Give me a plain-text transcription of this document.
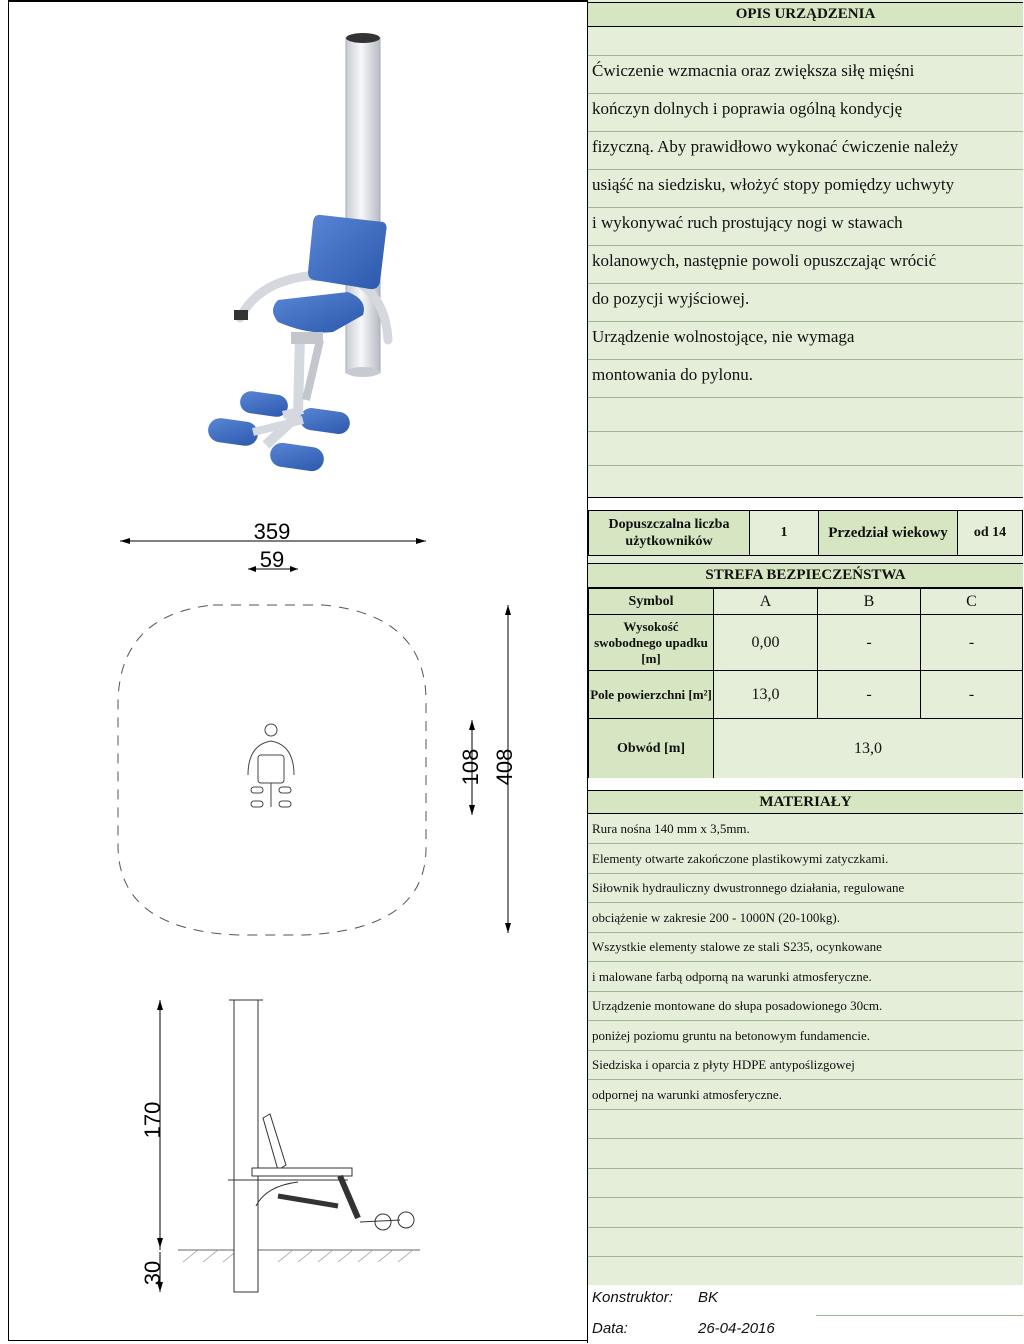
359
59
108 408
170
30
OPIS URZĄDZENIA
Ćwiczenie wzmacnia oraz zwiększa siłę mięśni
kończyn dolnych i poprawia ogólną kondycję
fizyczną. Aby prawidłowo wykonać ćwiczenie należy
usiąść na siedzisku, włożyć stopy pomiędzy uchwyty
i wykonywać ruch prostujący nogi w stawach
kolanowych, następnie powoli opuszczając wrócić
do pozycji wyjściowej.
Urządzenie wolnostojące, nie wymaga
montowania do pylonu.
Dopuszczalna liczba użytkowników	1	Przedział wiekowy	od 14
STREFA BEZPIECZEŃSTWA
Symbol	A	B	C
Wysokość swobodnego upadku [m]	0,00	-	-
Pole powierzchni [m²]	13,0	-	-
Obwód [m]	13,0		
MATERIAŁY
Rura nośna 140 mm x 3,5mm.
Elementy otwarte zakończone plastikowymi zatyczkami.
Siłownik hydrauliczny dwustronnego działania, regulowane
obciążenie w zakresie 200 - 1000N (20-100kg).
Wszystkie elementy stalowe ze stali S235, ocynkowane
i malowane farbą odporną na warunki atmosferyczne.
Urządzenie montowane do słupa posadowionego 30cm.
poniżej poziomu gruntu na betonowym fundamencie.
Siedziska i oparcia z płyty HDPE antypoślizgowej
odpornej na warunki atmosferyczne.
Konstruktor: BK
Data:	26-04-2016
